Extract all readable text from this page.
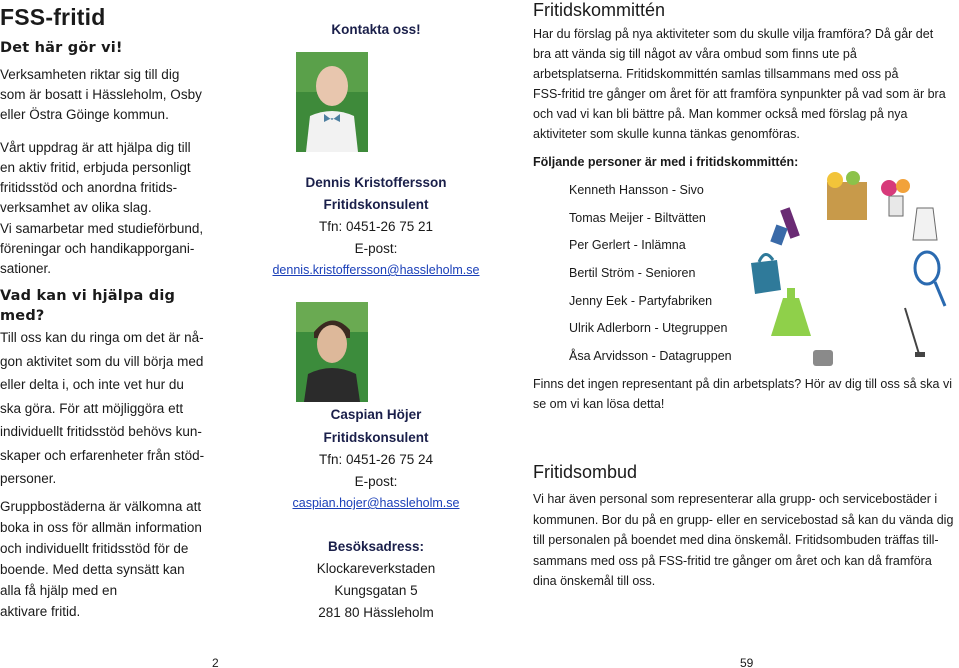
FSS-fritid
Det här gör vi!
Verksamheten riktar sig till dig
som är bosatt i Hässleholm, Osby
eller Östra Göinge kommun.
Vårt uppdrag är att hjälpa dig till
en aktiv fritid, erbjuda personligt
fritidsstöd och anordna fritids-
verksamhet av olika slag.
Vi samarbetar med studieförbund,
föreningar och handikapporgani-
sationer.
Vad kan vi hjälpa dig
med?
Till oss kan du ringa om det är nå-
gon aktivitet som du vill börja med
eller delta i, och inte vet hur du
ska göra. För att möjliggöra ett
individuellt fritidsstöd behövs kun-
skaper och erfarenheter från stöd-
personer.
Gruppbostäderna är välkomna att
boka in oss för allmän information
och individuellt fritidsstöd för de
boende. Med detta synsätt kan
alla få hjälp med en
aktivare fritid.
Kontakta oss!
Dennis Kristoffersson
Fritidskonsulent
Tfn: 0451-26 75 21
E-post:
dennis.kristoffersson@hassleholm.se
Caspian Höjer
Fritidskonsulent
Tfn: 0451-26 75 24
E-post:
caspian.hojer@hassleholm.se
Besöksadress:
Klockareverkstaden
Kungsgatan 5
281 80 Hässleholm
Fritidskommittén
Har du förslag på nya aktiviteter som du skulle vilja framföra? Då går det
bra att vända sig till något av våra ombud som finns ute på
arbetsplatserna. Fritidskommittén samlas tillsammans med oss på
FSS-fritid tre gånger om året för att framföra synpunkter på vad som är bra
och vad vi kan bli bättre på. Man kommer också med förslag på nya
aktiviteter som skulle kunna tänkas genomföras.
Följande personer är med i fritidskommittén:
Kenneth Hansson - Sivo
Tomas Meijer - Biltvätten
Per Gerlert - Inlämna
Bertil Ström - Senioren
Jenny Eek - Partyfabriken
Ulrik Adlerborn - Utegruppen
Åsa Arvidsson - Datagruppen
Finns det ingen representant på din arbetsplats? Hör av dig till oss så ska vi
se om vi kan lösa detta!
Fritidsombud
Vi har även personal som representerar alla grupp- och servicebostäder i
kommunen. Bor du på en grupp- eller en servicebostad så kan du vända dig
till personalen på boendet med dina önskemål. Fritidsombuden träffas till-
sammans med oss på FSS-fritid tre gånger om året och kan då framföra
dina önskemål till oss.
2	59
